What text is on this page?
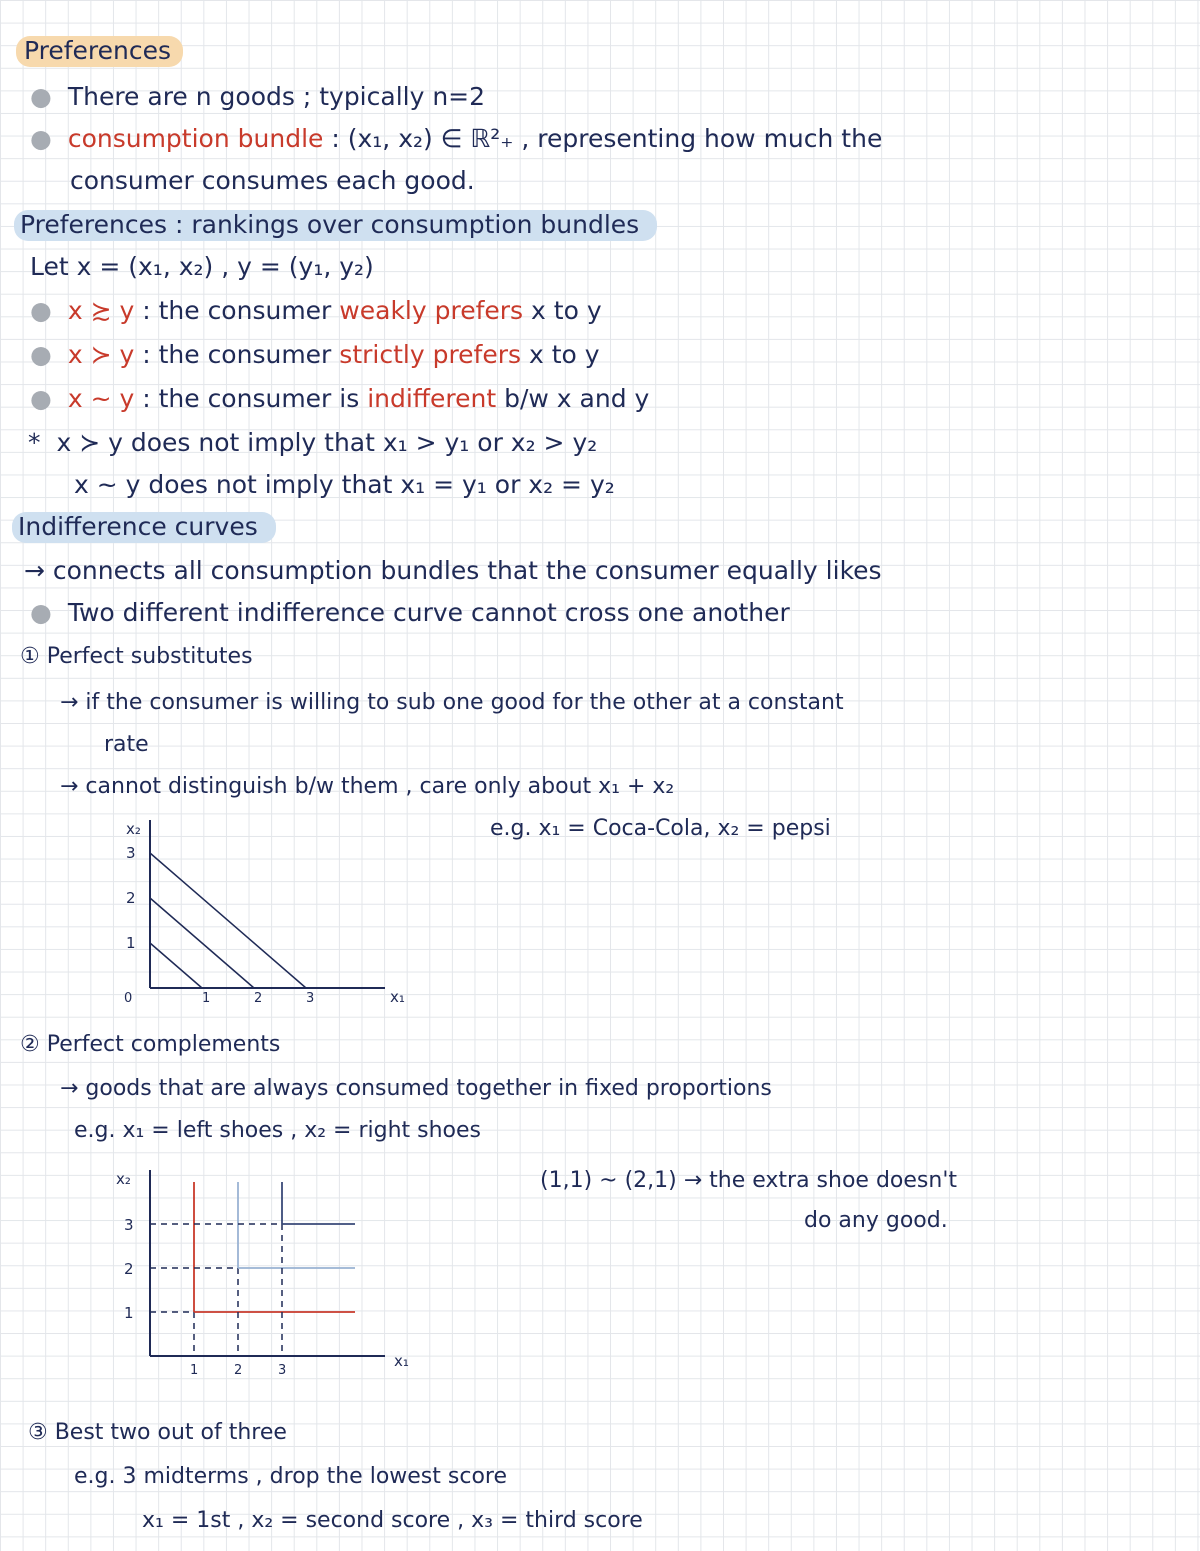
Preferences
● There are n goods ; typically n=2
● consumption bundle : (x₁, x₂) ∈ ℝ²₊ , representing how much the
consumer consumes each good.
Preferences : rankings over consumption bundles
Let x = (x₁, x₂) , y = (y₁, y₂)
● x ≿ y : the consumer weakly prefers x to y
● x ≻ y : the consumer strictly prefers x to y
● x ~ y : the consumer is indifferent b/w x and y
* x ≻ y does not imply that x₁ > y₁ or x₂ > y₂
x ~ y does not imply that x₁ = y₁ or x₂ = y₂
Indifference curves
→ connects all consumption bundles that the consumer equally likes
● Two different indifference curve cannot cross one another
① Perfect substitutes
→ if the consumer is willing to sub one good for the other at a constant
rate
→ cannot distinguish b/w them , care only about x₁ + x₂
e.g. x₁ = Coca-Cola, x₂ = pepsi
x₂
x₁
3
2
1
0	1	2	3
② Perfect complements
→ goods that are always consumed together in fixed proportions
e.g. x₁ = left shoes , x₂ = right shoes
(1,1) ~ (2,1) → the extra shoe doesn't
do any good.
x₂
x₁
3
2
1
1	2	3
③ Best two out of three
e.g. 3 midterms , drop the lowest score
x₁ = 1st , x₂ = second score , x₃ = third score
